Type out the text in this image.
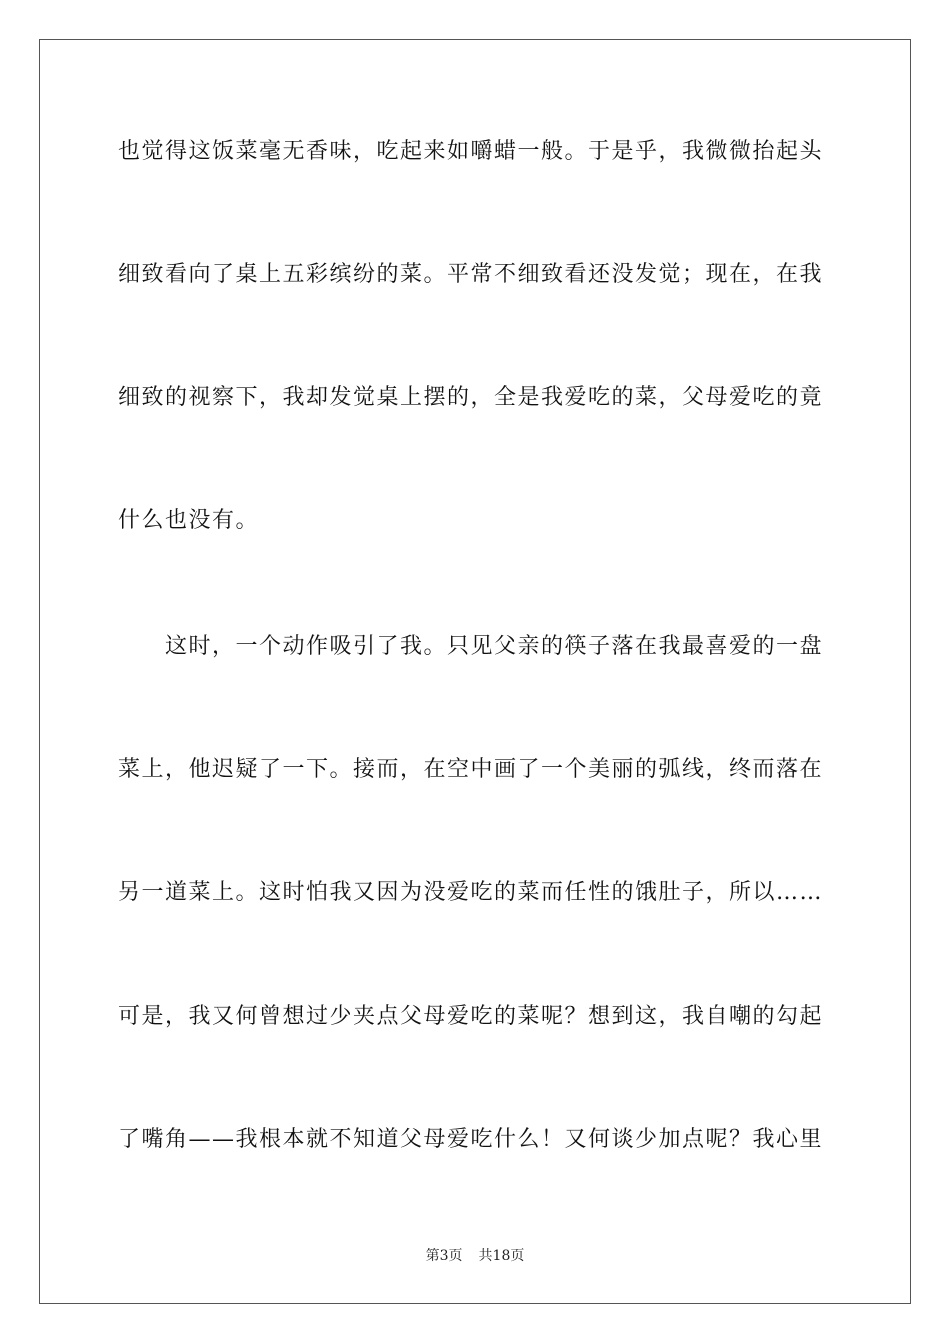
也觉得这饭菜毫无香味，吃起来如嚼蜡一般。于是乎，我微微抬起头
细致看向了桌上五彩缤纷的菜。平常不细致看还没发觉；现在，在我
细致的视察下，我却发觉桌上摆的，全是我爱吃的菜，父母爱吃的竟
什么也没有。
这时，一个动作吸引了我。只见父亲的筷子落在我最喜爱的一盘
菜上，他迟疑了一下。接而，在空中画了一个美丽的弧线，终而落在
另一道菜上。这时怕我又因为没爱吃的菜而任性的饿肚子，所以……
可是，我又何曾想过少夹点父母爱吃的菜呢？想到这，我自嘲的勾起
了嘴角——我根本就不知道父母爱吃什么！又何谈少加点呢？我心里
第3页 共18页
